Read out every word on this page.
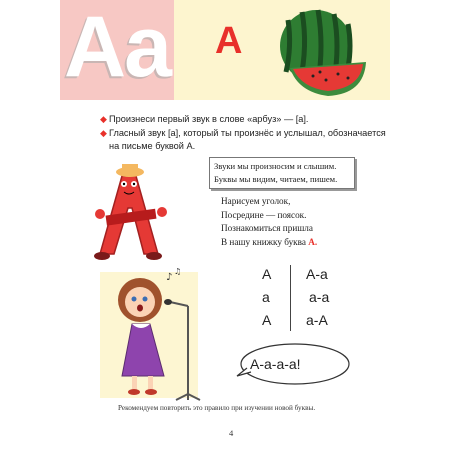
Aa A
◆ Произнеси первый звук в слове «арбуз» — [а].
◆ Гласный звук [а], который ты произнёс и услышал, обозначается на письме буквой А.
Звуки мы произносим и слышим.
Буквы мы видим, читаем, пишем.
Нарисуем уголок,
Посредине — поясок.
Познакомиться пришла
В нашу книжку буква А.
♪
♫	А А-а
а	а-а
А а-А
А-а-а-а!
Рекомендуем повторить это правило при изучении новой буквы.
4
